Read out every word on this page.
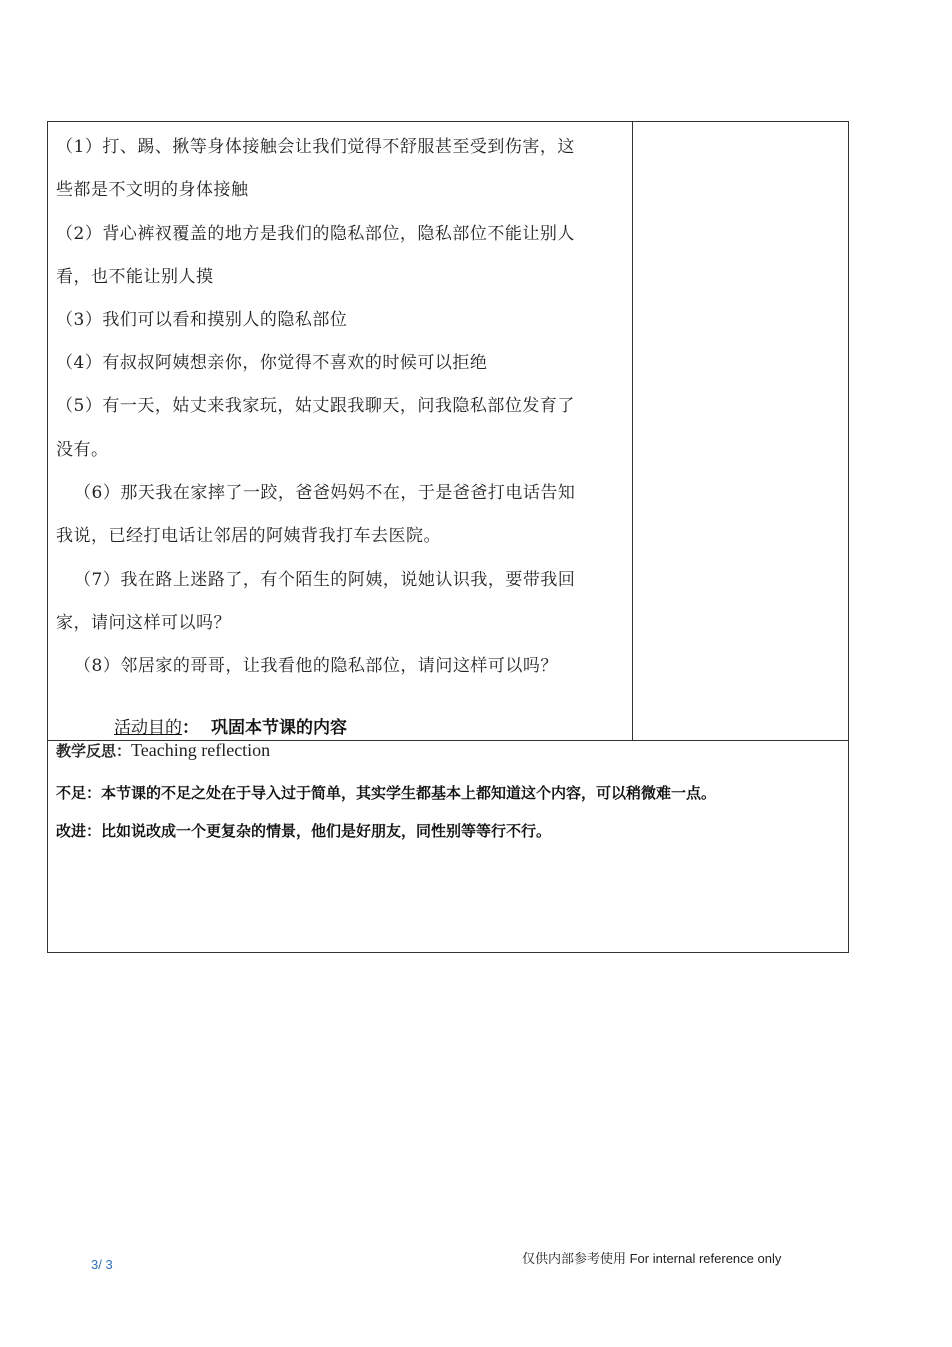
（1）打、踢、揪等身体接触会让我们觉得不舒服甚至受到伤害，这
些都是不文明的身体接触
（2）背心裤衩覆盖的地方是我们的隐私部位，隐私部位不能让别人
看，也不能让别人摸
（3）我们可以看和摸别人的隐私部位
（4）有叔叔阿姨想亲你，你觉得不喜欢的时候可以拒绝
（5）有一天，姑丈来我家玩，姑丈跟我聊天，问我隐私部位发育了
没有。
（6）那天我在家摔了一跤，爸爸妈妈不在，于是爸爸打电话告知
我说，已经打电话让邻居的阿姨背我打车去医院。
（7）我在路上迷路了，有个陌生的阿姨，说她认识我，要带我回
家，请问这样可以吗？
（8）邻居家的哥哥，让我看他的隐私部位，请问这样可以吗？
活动目的： 巩固本节课的内容
教学反思：Teaching reflection
不足：本节课的不足之处在于导入过于简单，其实学生都基本上都知道这个内容，可以稍微难一点。
改进：比如说改成一个更复杂的情景，他们是好朋友，同性别等等行不行。
3/ 3	仅供内部参考使用 For internal reference only
